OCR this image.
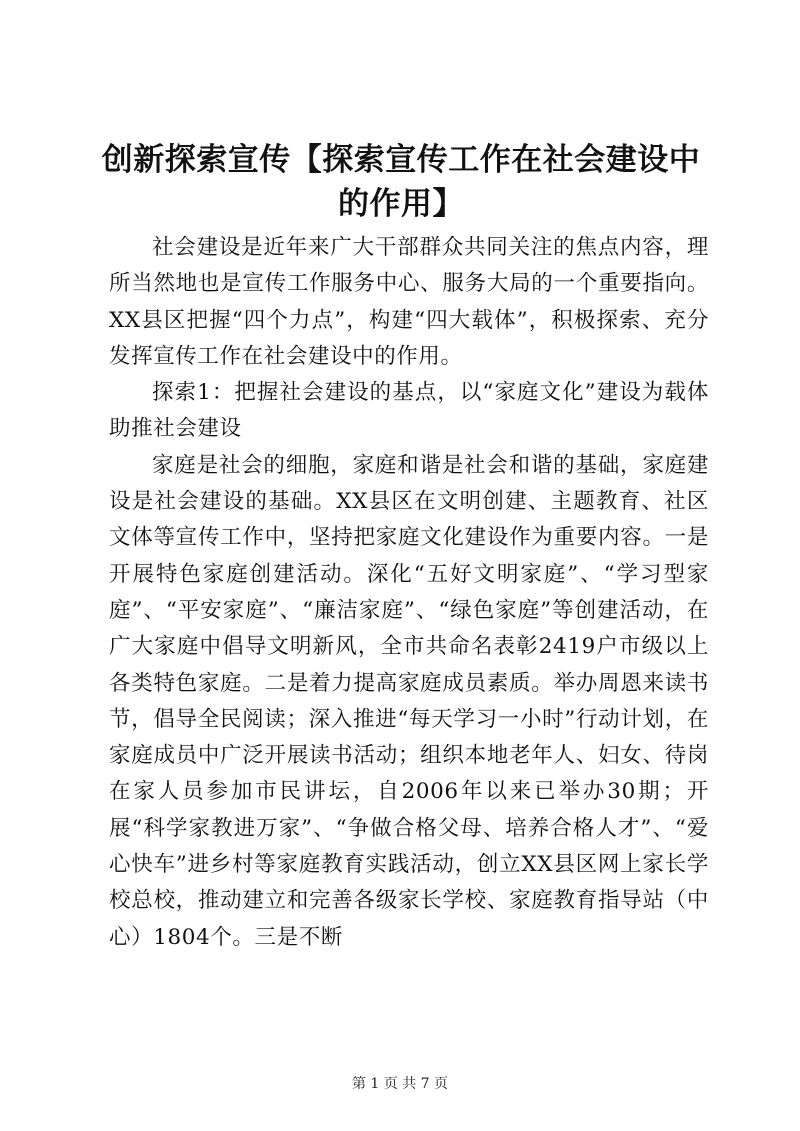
创新探索宣传【探索宣传工作在社会建设中的作用】

社会建设是近年来广大干部群众共同关注的焦点内容，理所当然地也是宣传工作服务中心、服务大局的一个重要指向。XX县区把握“四个力点”，构建“四大载体”，积极探索、充分发挥宣传工作在社会建设中的作用。

探索1：把握社会建设的基点，以“家庭文化”建设为载体助推社会建设

家庭是社会的细胞，家庭和谐是社会和谐的基础，家庭建设是社会建设的基础。XX县区在文明创建、主题教育、社区文体等宣传工作中，坚持把家庭文化建设作为重要内容。一是开展特色家庭创建活动。深化“五好文明家庭”、“学习型家庭”、“平安家庭”、“廉洁家庭”、“绿色家庭”等创建活动，在广大家庭中倡导文明新风，全市共命名表彰2419户市级以上各类特色家庭。二是着力提高家庭成员素质。举办周恩来读书节，倡导全民阅读；深入推进“每天学习一小时”行动计划，在家庭成员中广泛开展读书活动；组织本地老年人、妇女、待岗在家人员参加市民讲坛，自2006年以来已举办30期；开展“科学家教进万家”、“争做合格父母、培养合格人才”、“爱心快车”进乡村等家庭教育实践活动，创立XX县区网上家长学校总校，推动建立和完善各级家长学校、家庭教育指导站（中心）1804个。三是不断

第 1 页 共 7 页
